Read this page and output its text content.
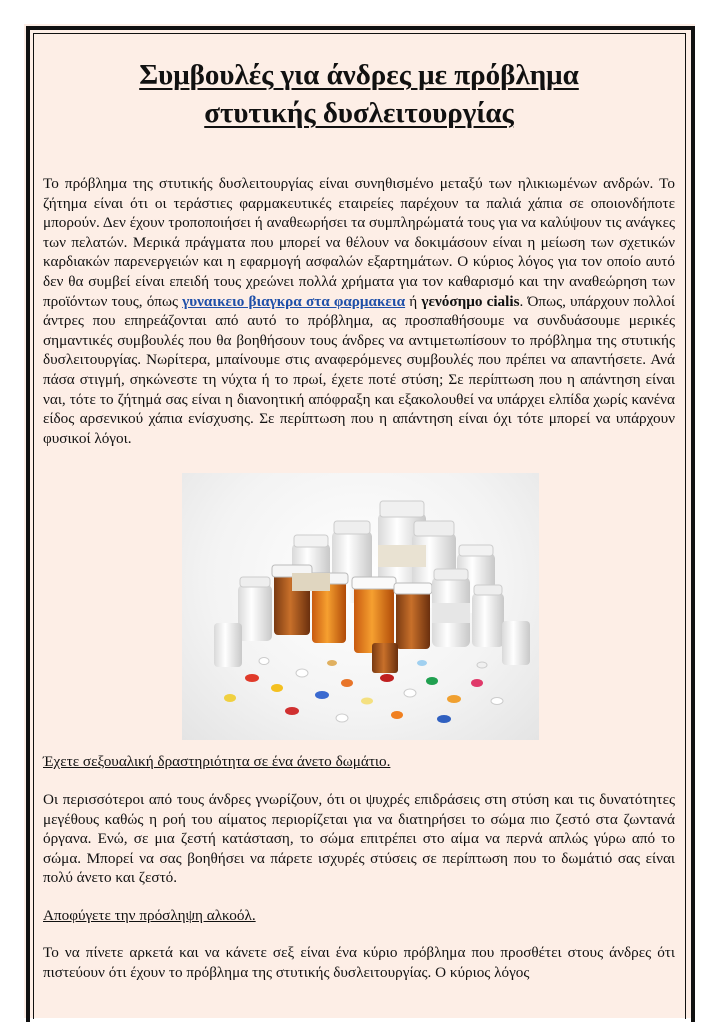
Συμβουλές για άνδρες με πρόβλημα
στυτικής δυσλειτουργίας

Το πρόβλημα της στυτικής δυσλειτουργίας είναι συνηθισμένο μεταξύ των ηλικιωμένων ανδρών. Το ζήτημα είναι ότι οι τεράστιες φαρμακευτικές εταιρείες παρέχουν τα παλιά χάπια σε οποιονδήποτε μπορούν. Δεν έχουν τροποποιήσει ή αναθεωρήσει τα συμπληρώματά τους για να καλύψουν τις ανάγκες των πελατών. Μερικά πράγματα που μπορεί να θέλουν να δοκιμάσουν είναι η μείωση των σχετικών καρδιακών παρενεργειών και η εφαρμογή ασφαλών εξαρτημάτων. Ο κύριος λόγος για τον οποίο αυτό δεν θα συμβεί είναι επειδή τους χρεώνει πολλά χρήματα για τον καθαρισμό και την αναθεώρηση των προϊόντων τους, όπως γυναικειο βιαγκρα στα φαρμακεια ή γενόσημο cialis. Όπως, υπάρχουν πολλοί άντρες που επηρεάζονται από αυτό το πρόβλημα, ας προσπαθήσουμε να συνδυάσουμε μερικές σημαντικές συμβουλές που θα βοηθήσουν τους άνδρες να αντιμετωπίσουν το πρόβλημα της στυτικής δυσλειτουργίας. Νωρίτερα, μπαίνουμε στις αναφερόμενες συμβουλές που πρέπει να απαντήσετε. Ανά πάσα στιγμή, σηκώνεστε τη νύχτα ή το πρωί, έχετε ποτέ στύση; Σε περίπτωση που η απάντηση είναι ναι, τότε το ζήτημά σας είναι η διανοητική απόφραξη και εξακολουθεί να υπάρχει ελπίδα χωρίς κανένα είδος αρσενικού χάπια ενίσχυσης. Σε περίπτωση που η απάντηση είναι όχι τότε μπορεί να υπάρχουν φυσικοί λόγοι.

Έχετε σεξουαλική δραστηριότητα σε ένα άνετο δωμάτιο.

Οι περισσότεροι από τους άνδρες γνωρίζουν, ότι οι ψυχρές επιδράσεις στη στύση και τις δυνατότητες μεγέθους καθώς η ροή του αίματος περιορίζεται για να διατηρήσει το σώμα πιο ζεστό στα ζωντανά όργανα. Ενώ, σε μια ζεστή κατάσταση, το σώμα επιτρέπει στο αίμα να περνά απλώς γύρω από το σώμα. Μπορεί να σας βοηθήσει να πάρετε ισχυρές στύσεις σε περίπτωση που το δωμάτιό σας είναι πολύ άνετο και ζεστό.

Αποφύγετε την πρόσληψη αλκοόλ.

Το να πίνετε αρκετά και να κάνετε σεξ είναι ένα κύριο πρόβλημα που προσθέτει στους άνδρες ότι πιστεύουν ότι έχουν το πρόβλημα της στυτικής δυσλειτουργίας. Ο κύριος λόγος
